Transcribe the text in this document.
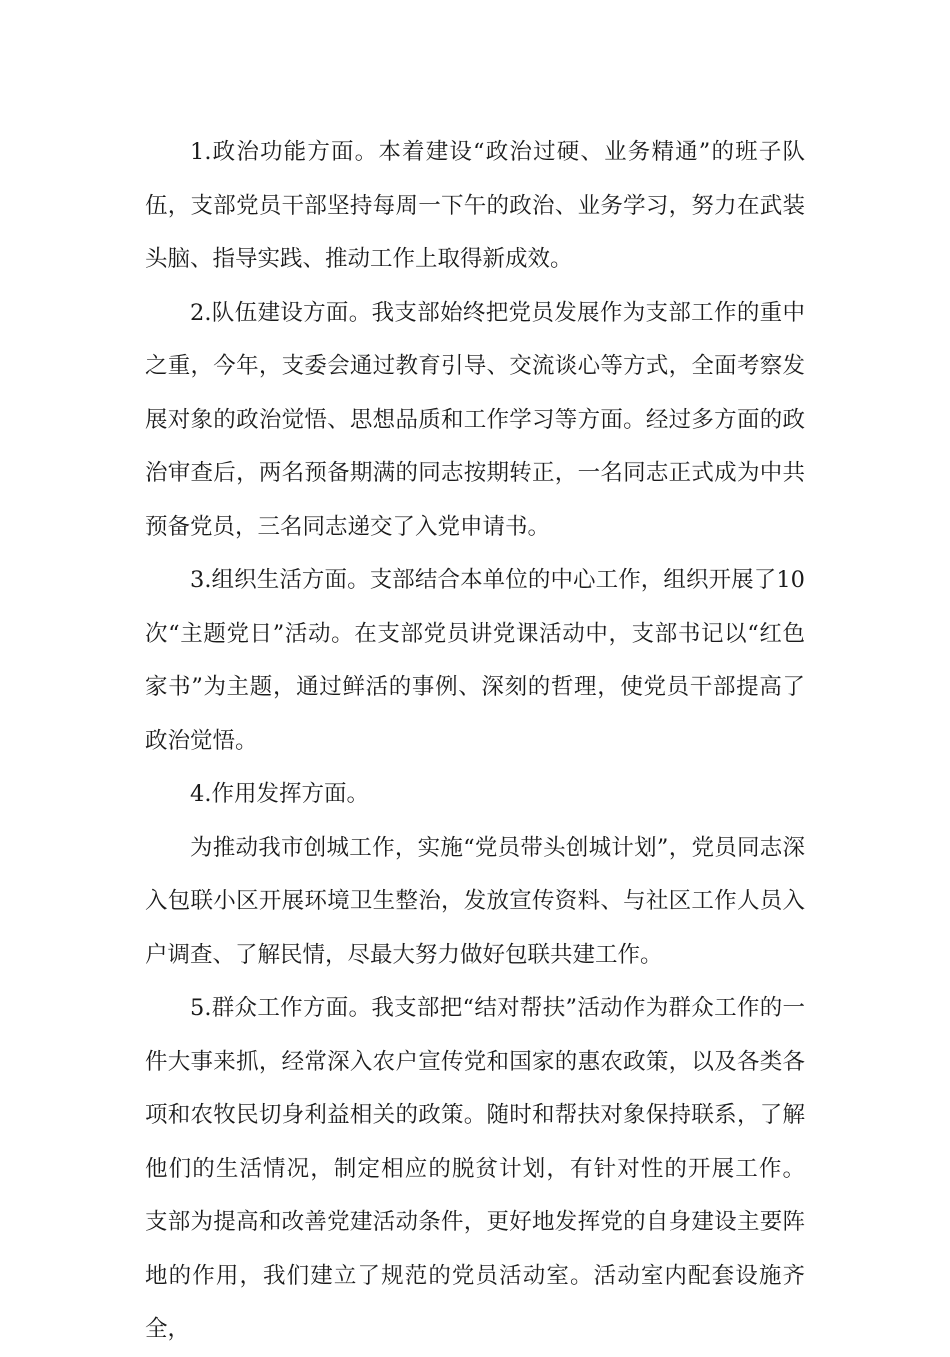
1.政治功能方面。本着建设“政治过硬、业务精通”的班子队伍，支部党员干部坚持每周一下午的政治、业务学习，努力在武装头脑、指导实践、推动工作上取得新成效。

2.队伍建设方面。我支部始终把党员发展作为支部工作的重中之重，今年，支委会通过教育引导、交流谈心等方式，全面考察发展对象的政治觉悟、思想品质和工作学习等方面。经过多方面的政治审查后，两名预备期满的同志按期转正，一名同志正式成为中共预备党员，三名同志递交了入党申请书。

3.组织生活方面。支部结合本单位的中心工作，组织开展了10次“主题党日”活动。在支部党员讲党课活动中，支部书记以“红色家书”为主题，通过鲜活的事例、深刻的哲理，使党员干部提高了政治觉悟。

4.作用发挥方面。

为推动我市创城工作，实施“党员带头创城计划”，党员同志深入包联小区开展环境卫生整治，发放宣传资料、与社区工作人员入户调查、了解民情，尽最大努力做好包联共建工作。

5.群众工作方面。我支部把“结对帮扶”活动作为群众工作的一件大事来抓，经常深入农户宣传党和国家的惠农政策，以及各类各项和农牧民切身利益相关的政策。随时和帮扶对象保持联系，了解他们的生活情况，制定相应的脱贫计划，有针对性的开展工作。

支部为提高和改善党建活动条件，更好地发挥党的自身建设主要阵地的作用，我们建立了规范的党员活动室。活动室内配套设施齐全，
